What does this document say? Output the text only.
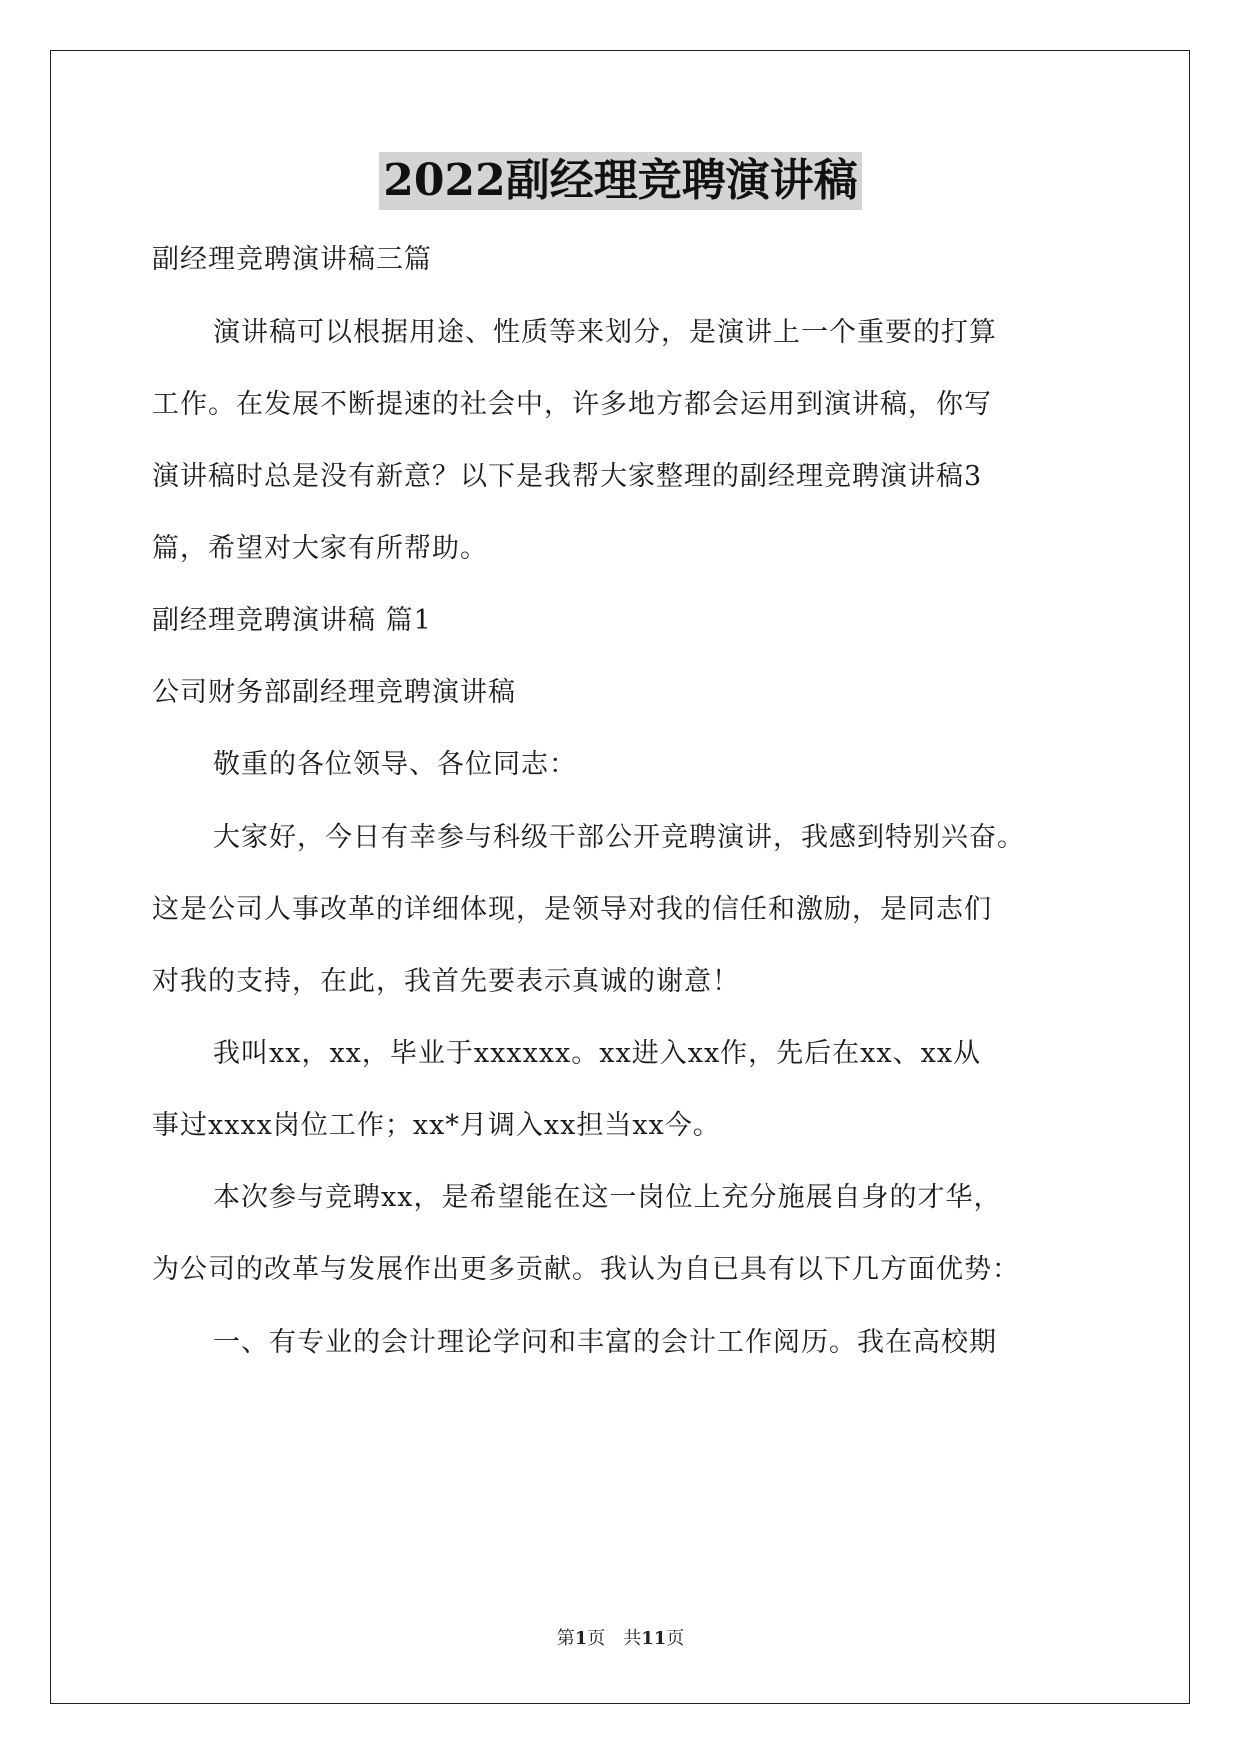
2022副经理竞聘演讲稿
副经理竞聘演讲稿三篇
演讲稿可以根据用途、性质等来划分，是演讲上一个重要的打算
工作。在发展不断提速的社会中，许多地方都会运用到演讲稿，你写
演讲稿时总是没有新意？以下是我帮大家整理的副经理竞聘演讲稿3
篇，希望对大家有所帮助。
副经理竞聘演讲稿 篇1
公司财务部副经理竞聘演讲稿
敬重的各位领导、各位同志：
大家好，今日有幸参与科级干部公开竞聘演讲，我感到特别兴奋。
这是公司人事改革的详细体现，是领导对我的信任和激励，是同志们
对我的支持，在此，我首先要表示真诚的谢意！
我叫xx，xx，毕业于xxxxxx。xx进入xx作，先后在xx、xx从
事过xxxx岗位工作；xx*月调入xx担当xx今。
本次参与竞聘xx，是希望能在这一岗位上充分施展自身的才华，
为公司的改革与发展作出更多贡献。我认为自已具有以下几方面优势：
一、有专业的会计理论学问和丰富的会计工作阅历。我在高校期
第1页　共11页
